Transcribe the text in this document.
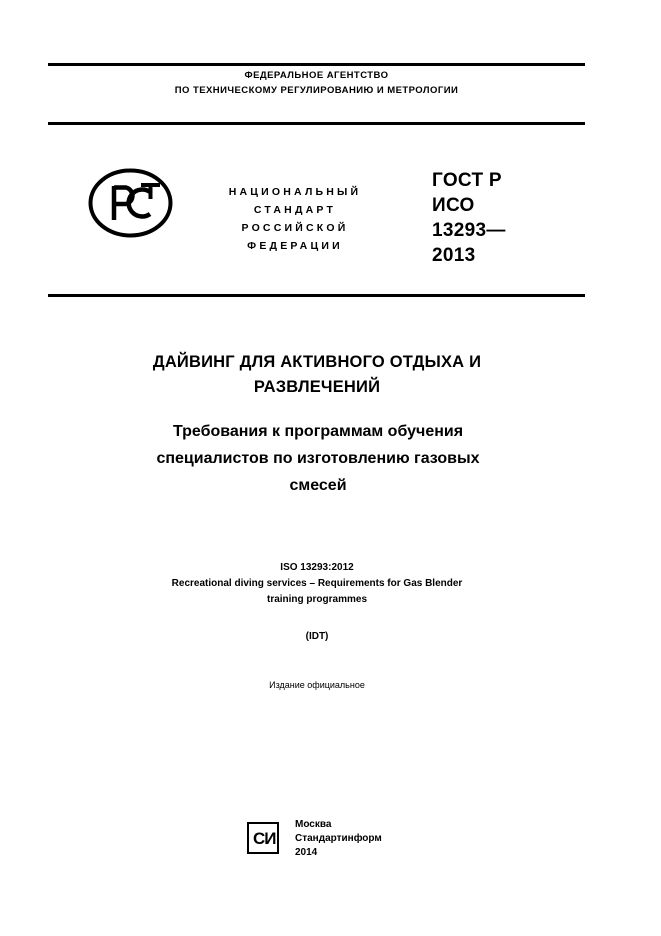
ФЕДЕРАЛЬНОЕ АГЕНТСТВО
ПО ТЕХНИЧЕСКОМУ РЕГУЛИРОВАНИЮ И МЕТРОЛОГИИ
НАЦИОНАЛЬНЫЙ
СТАНДАРТ
РОССИЙСКОЙ
ФЕДЕРАЦИИ
ГОСТ Р
ИСО
13293—
2013
ДАЙВИНГ ДЛЯ АКТИВНОГО ОТДЫХА И
РАЗВЛЕЧЕНИЙ
Требования к программам обучения
специалистов по изготовлению газовых
смесей
ISO 13293:2012
Recreational diving services – Requirements for Gas Blender
training programmes
(IDT)
Издание официальное
СИ
Москва
Стандартинформ
2014
